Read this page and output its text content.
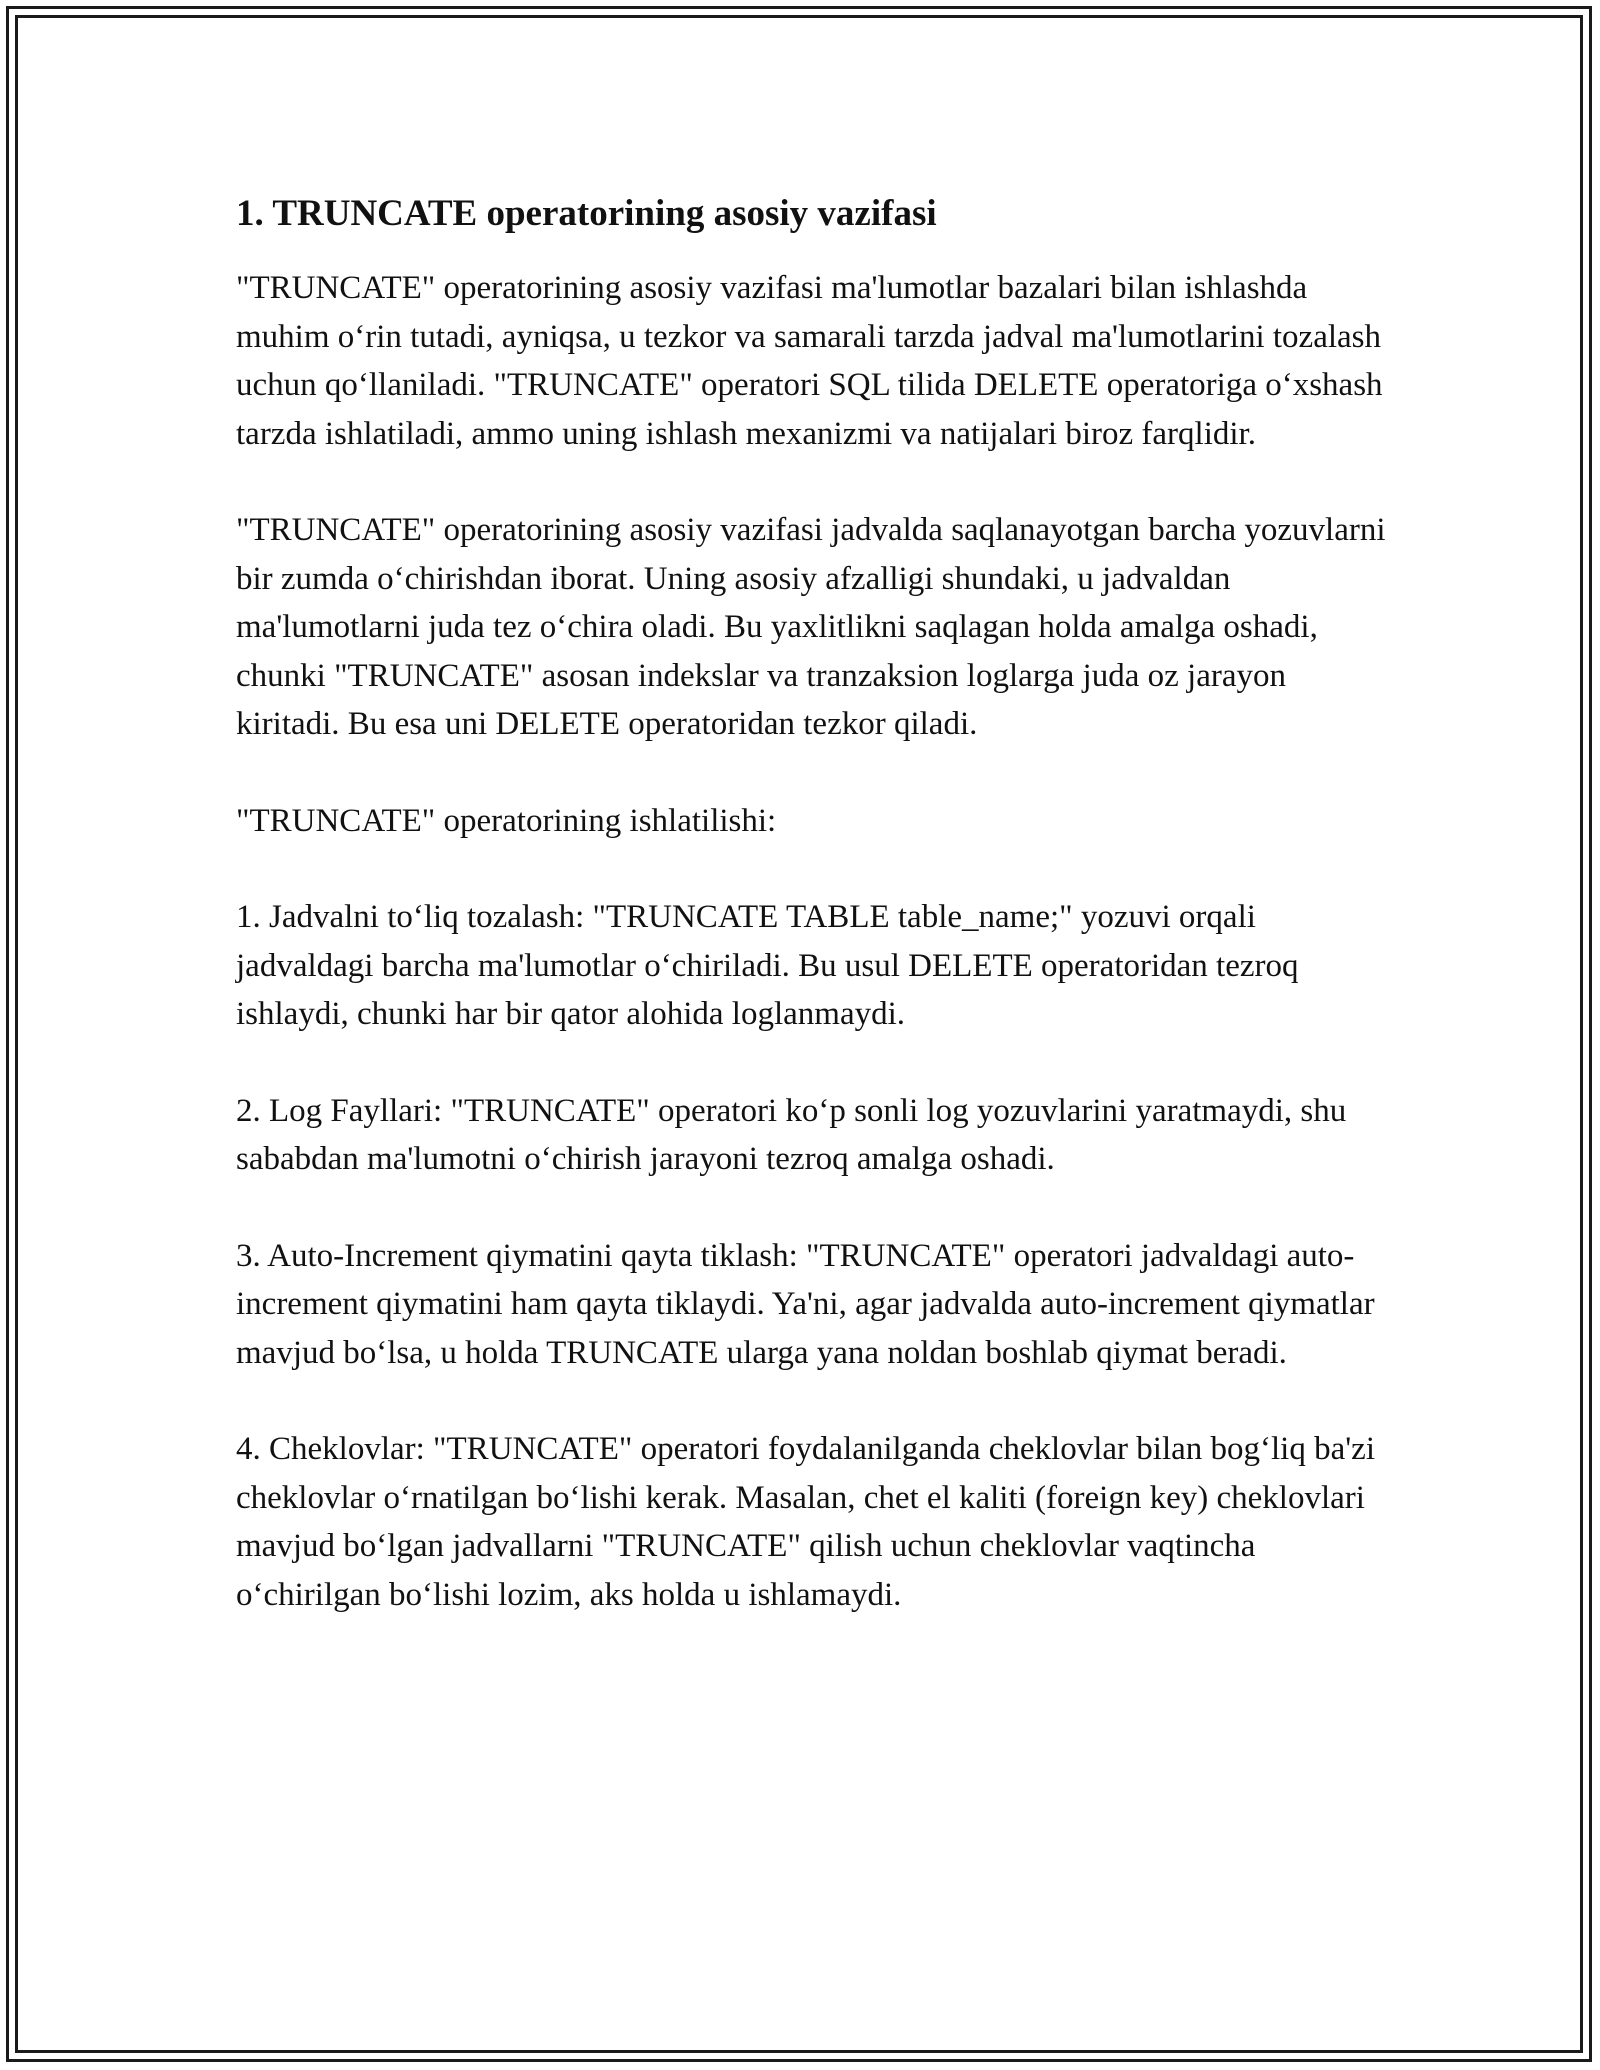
1. TRUNCATE operatorining asosiy vazifasi

"TRUNCATE" operatorining asosiy vazifasi ma'lumotlar bazalari bilan ishlashda muhim o‘rin tutadi, ayniqsa, u tezkor va samarali tarzda jadval ma'lumotlarini tozalash uchun qo‘llaniladi. "TRUNCATE" operatori SQL tilida DELETE operatoriga o‘xshash tarzda ishlatiladi, ammo uning ishlash mexanizmi va natijalari biroz farqlidir.

"TRUNCATE" operatorining asosiy vazifasi jadvalda saqlanayotgan barcha yozuvlarni bir zumda o‘chirishdan iborat. Uning asosiy afzalligi shundaki, u jadvaldan ma'lumotlarni juda tez o‘chira oladi. Bu yaxlitlikni saqlagan holda amalga oshadi, chunki "TRUNCATE" asosan indekslar va tranzaksion loglarga juda oz jarayon kiritadi. Bu esa uni DELETE operatoridan tezkor qiladi.

"TRUNCATE" operatorining ishlatilishi:

1. Jadvalni to‘liq tozalash: "TRUNCATE TABLE table_name;" yozuvi orqali jadvaldagi barcha ma'lumotlar o‘chiriladi. Bu usul DELETE operatoridan tezroq ishlaydi, chunki har bir qator alohida loglanmaydi.

2. Log Fayllari: "TRUNCATE" operatori ko‘p sonli log yozuvlarini yaratmaydi, shu sababdan ma'lumotni o‘chirish jarayoni tezroq amalga oshadi.

3. Auto-Increment qiymatini qayta tiklash: "TRUNCATE" operatori jadvaldagi auto-increment qiymatini ham qayta tiklaydi. Ya'ni, agar jadvalda auto-increment qiymatlar mavjud bo‘lsa, u holda TRUNCATE ularga yana noldan boshlab qiymat beradi.

4. Cheklovlar: "TRUNCATE" operatori foydalanilganda cheklovlar bilan bog‘liq ba'zi cheklovlar o‘rnatilgan bo‘lishi kerak. Masalan, chet el kaliti (foreign key) cheklovlari mavjud bo‘lgan jadvallarni "TRUNCATE" qilish uchun cheklovlar vaqtincha o‘chirilgan bo‘lishi lozim, aks holda u ishlamaydi.
